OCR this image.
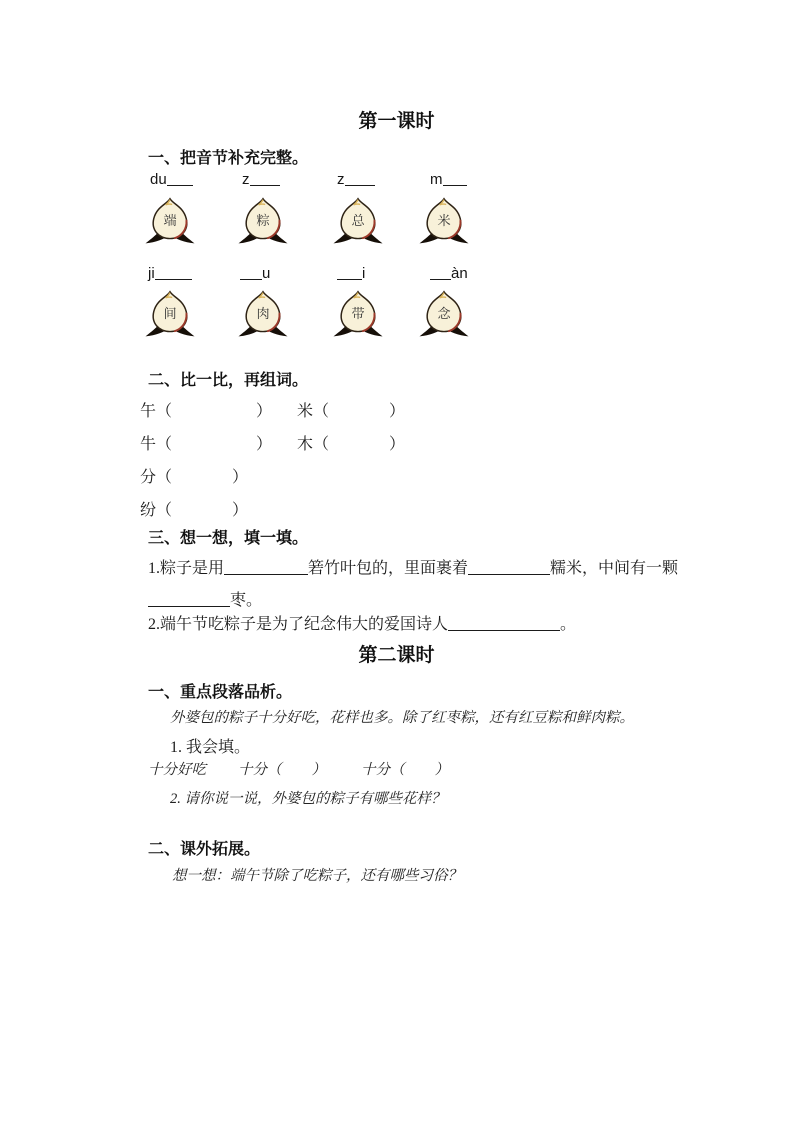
第一课时
一、把音节补充完整。
du	z	z	m
端	粽	总	米
ji	u	i	àn
间	肉	带	念
二、比一比，再组词。
午（	） 米（	）
牛（	） 木（	）
分（	）
纷（	）
三、想一想，填一填。
1.粽子是用	箬竹叶包的，里面裹着	糯米，中间有一颗
枣。
2.端午节吃粽子是为了纪念伟大的爱国诗人	。
第二课时
一、重点段落品析。
外婆包的粽子十分好吃，花样也多。除了红枣粽，还有红豆粽和鲜肉粽。
1. 我会填。
十分好吃 十分（ ） 十分（ ）
2. 请你说一说，外婆包的粽子有哪些花样？
二、课外拓展。
想一想：端午节除了吃粽子，还有哪些习俗？
